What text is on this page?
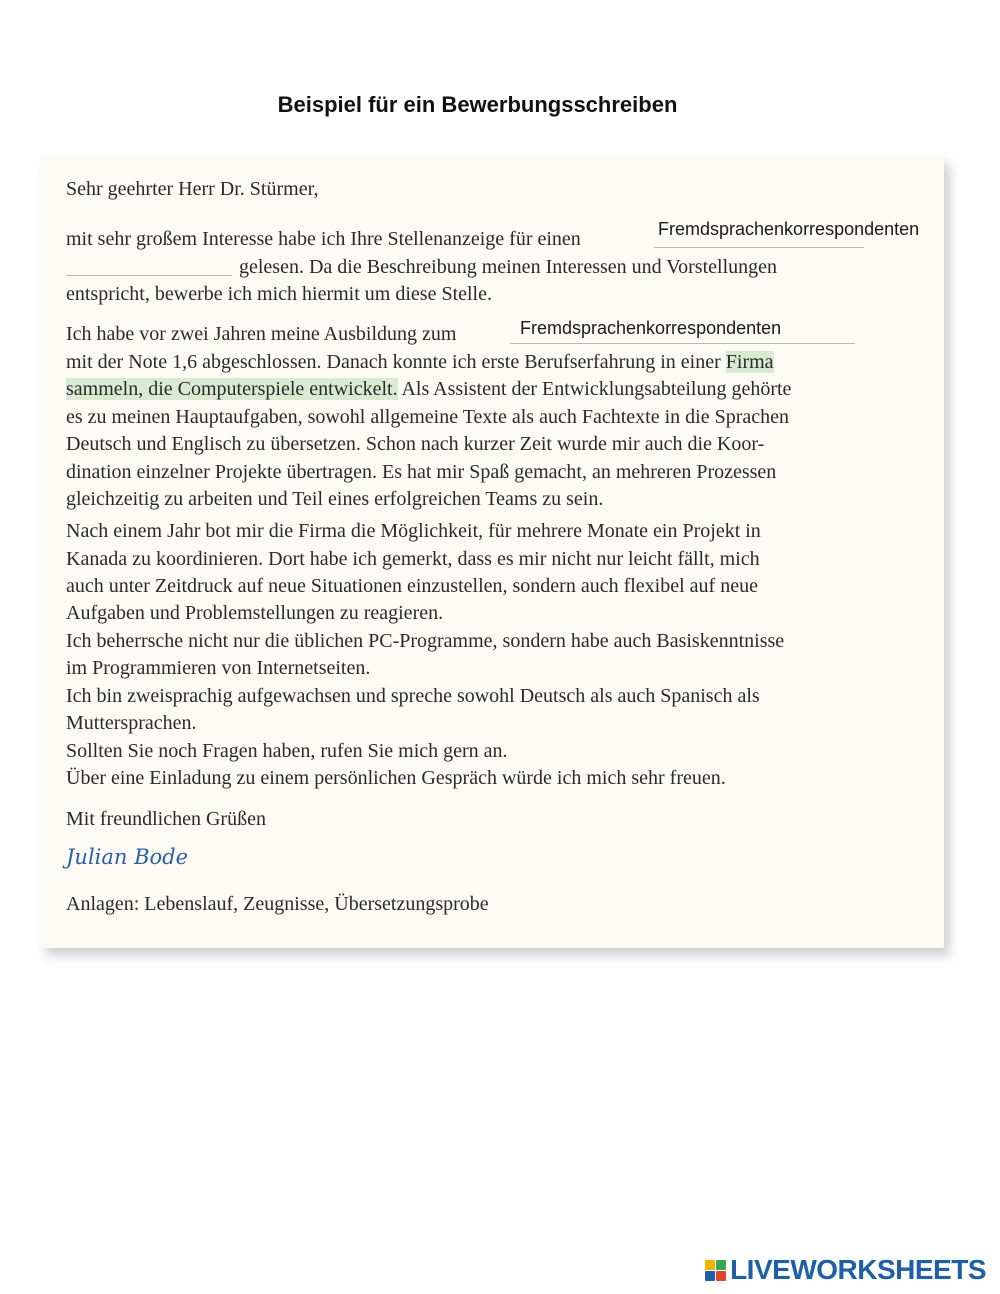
Beispiel für ein Bewerbungsschreiben
Sehr geehrter Herr Dr. Stürmer,
mit sehr großem Interesse habe ich Ihre Stellenanzeige für einen
Fremdsprachenkorrespondenten
gelesen. Da die Beschreibung meinen Interessen und Vorstellungen
entspricht, bewerbe ich mich hiermit um diese Stelle.
Ich habe vor zwei Jahren meine Ausbildung zum
Fremdsprachenkorrespondenten
mit der Note 1,6 abgeschlossen. Danach konnte ich erste Berufserfahrung in einer Firma
sammeln, die Computerspiele entwickelt. Als Assistent der Entwicklungsabteilung gehörte
es zu meinen Hauptaufgaben, sowohl allgemeine Texte als auch Fachtexte in die Sprachen
Deutsch und Englisch zu übersetzen. Schon nach kurzer Zeit wurde mir auch die Koor-
dination einzelner Projekte übertragen. Es hat mir Spaß gemacht, an mehreren Prozessen
gleichzeitig zu arbeiten und Teil eines erfolgreichen Teams zu sein.
Nach einem Jahr bot mir die Firma die Möglichkeit, für mehrere Monate ein Projekt in
Kanada zu koordinieren. Dort habe ich gemerkt, dass es mir nicht nur leicht fällt, mich
auch unter Zeitdruck auf neue Situationen einzustellen, sondern auch flexibel auf neue
Aufgaben und Problemstellungen zu reagieren.
Ich beherrsche nicht nur die üblichen PC-Programme, sondern habe auch Basiskenntnisse
im Programmieren von Internetseiten.
Ich bin zweisprachig aufgewachsen und spreche sowohl Deutsch als auch Spanisch als
Muttersprachen.
Sollten Sie noch Fragen haben, rufen Sie mich gern an.
Über eine Einladung zu einem persönlichen Gespräch würde ich mich sehr freuen.
Mit freundlichen Grüßen
Julian Bode
Anlagen: Lebenslauf, Zeugnisse, Übersetzungsprobe
LIVEWORKSHEETS
